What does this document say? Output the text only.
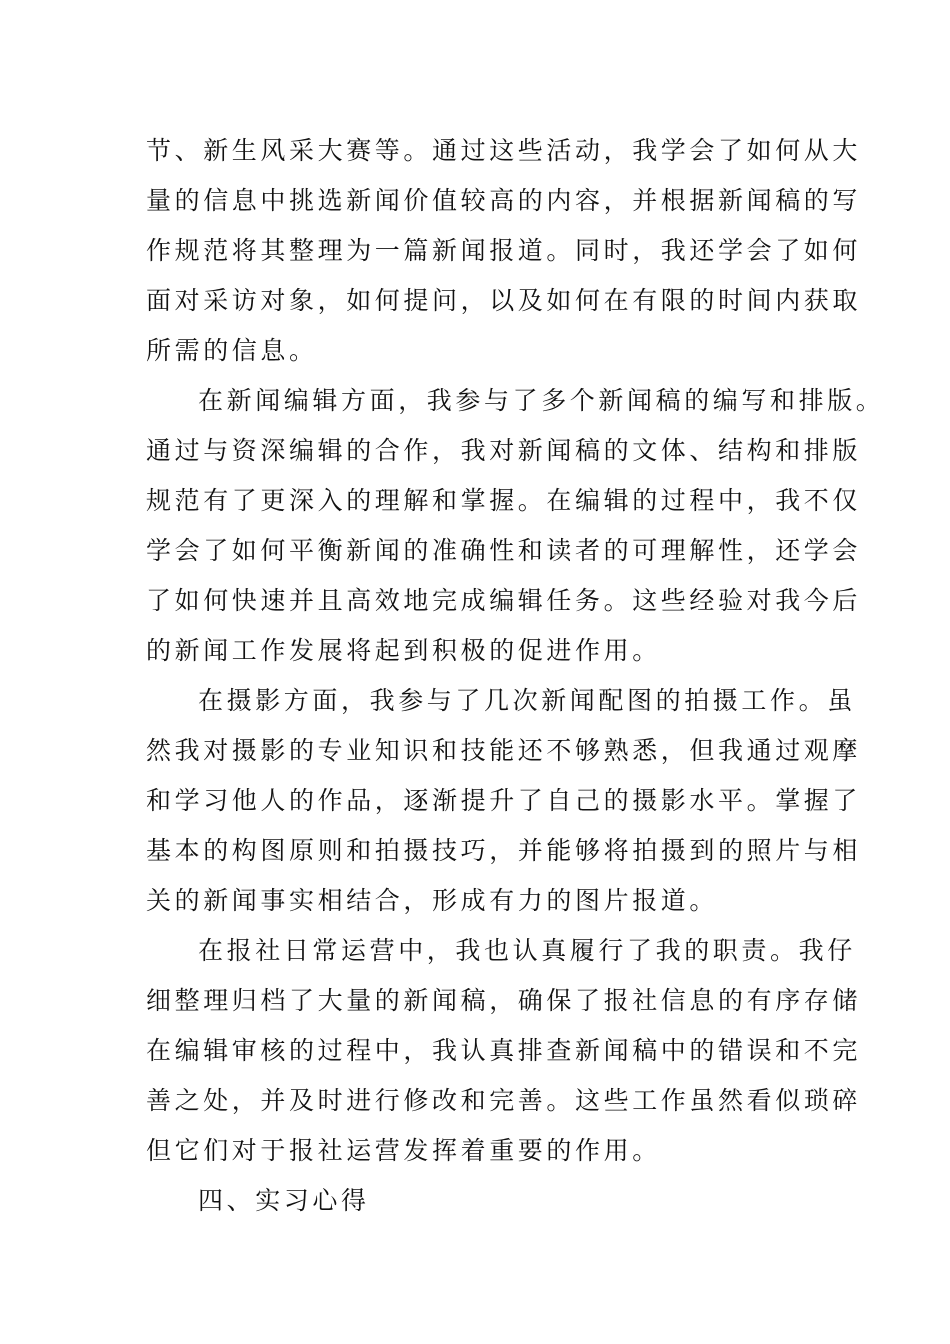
节、新生风采大赛等。通过这些活动，我学会了如何从大
量的信息中挑选新闻价值较高的内容，并根据新闻稿的写
作规范将其整理为一篇新闻报道。同时，我还学会了如何
面对采访对象，如何提问，以及如何在有限的时间内获取
所需的信息。
在新闻编辑方面，我参与了多个新闻稿的编写和排版。
通过与资深编辑的合作，我对新闻稿的文体、结构和排版
规范有了更深入的理解和掌握。在编辑的过程中，我不仅
学会了如何平衡新闻的准确性和读者的可理解性，还学会
了如何快速并且高效地完成编辑任务。这些经验对我今后
的新闻工作发展将起到积极的促进作用。
在摄影方面，我参与了几次新闻配图的拍摄工作。虽
然我对摄影的专业知识和技能还不够熟悉，但我通过观摩
和学习他人的作品，逐渐提升了自己的摄影水平。掌握了
基本的构图原则和拍摄技巧，并能够将拍摄到的照片与相
关的新闻事实相结合，形成有力的图片报道。
在报社日常运营中，我也认真履行了我的职责。我仔
细整理归档了大量的新闻稿，确保了报社信息的有序存储
在编辑审核的过程中，我认真排查新闻稿中的错误和不完
善之处，并及时进行修改和完善。这些工作虽然看似琐碎
但它们对于报社运营发挥着重要的作用。
四、实习心得
